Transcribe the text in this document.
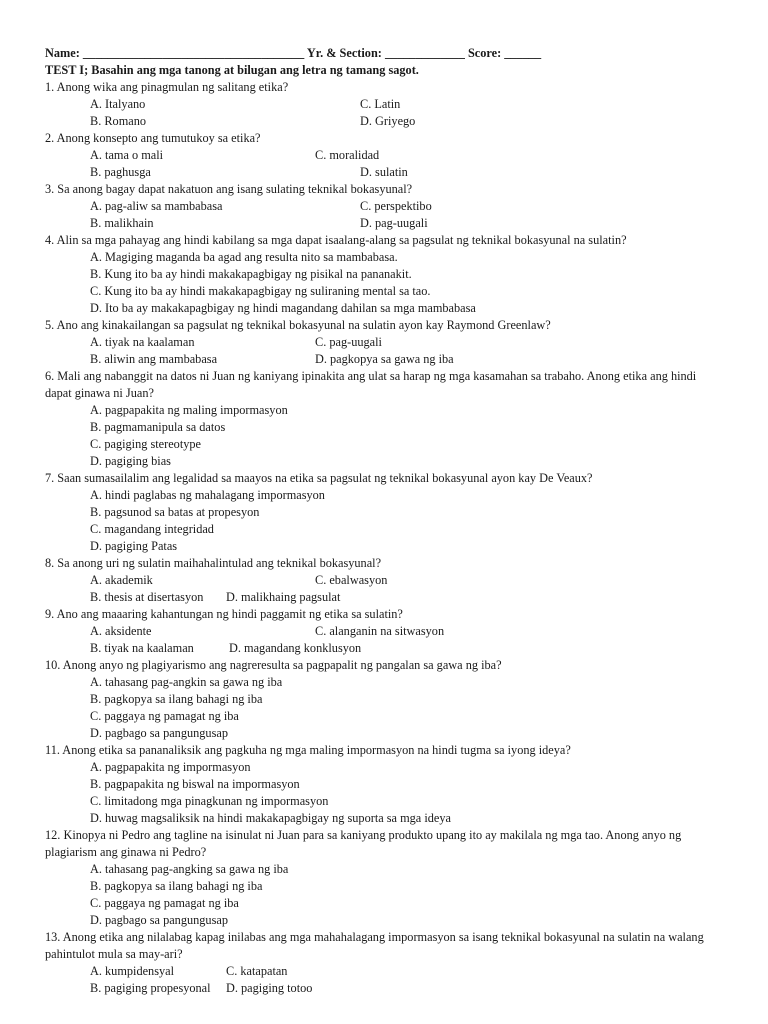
Name: ____________________________________ Yr. & Section: _____________ Score: ______
TEST I; Basahin ang mga tanong at bilugan ang letra ng tamang sagot.
1. Anong wika ang pinagmulan ng salitang etika?
A. Italyano	C. Latin
B. Romano	D. Griyego
2. Anong konsepto ang tumutukoy sa etika?
A. tama o mali	C. moralidad
B. paghusga	D. sulatin
3. Sa anong bagay dapat nakatuon ang isang sulating teknikal bokasyunal?
A. pag-aliw sa mambabasa	C. perspektibo
B. malikhain	D. pag-uugali
4. Alin sa mga pahayag ang hindi kabilang sa mga dapat isaalang-alang sa pagsulat ng teknikal bokasyunal na sulatin?
A. Magiging maganda ba agad ang resulta nito sa mambabasa.
B. Kung ito ba ay hindi makakapagbigay ng pisikal na pananakit.
C. Kung ito ba ay hindi makakapagbigay ng suliraning mental sa tao.
D. Ito ba ay makakapagbigay ng hindi magandang dahilan sa mga mambabasa
5. Ano ang kinakailangan sa pagsulat ng teknikal bokasyunal na sulatin ayon kay Raymond Greenlaw?
A. tiyak na kaalaman	C. pag-uugali
B. aliwin ang mambabasa	D. pagkopya sa gawa ng iba
6. Mali ang nabanggit na datos ni Juan ng kaniyang ipinakita ang ulat sa harap ng mga kasamahan sa trabaho. Anong etika ang hindi
dapat ginawa ni Juan?
A. pagpapakita ng maling impormasyon
B. pagmamanipula sa datos
C. pagiging stereotype
D. pagiging bias
7. Saan sumasailalim ang legalidad sa maayos na etika sa pagsulat ng teknikal bokasyunal ayon kay De Veaux?
A. hindi paglabas ng mahalagang impormasyon
B. pagsunod sa batas at propesyon
C. magandang integridad
D. pagiging Patas
8. Sa anong uri ng sulatin maihahalintulad ang teknikal bokasyunal?
A. akademik	C. ebalwasyon
B. thesis at disertasyon D. malikhaing pagsulat
9. Ano ang maaaring kahantungan ng hindi paggamit ng etika sa sulatin?
A. aksidente	C. alanganin na sitwasyon
B. tiyak na kaalaman	D. magandang konklusyon
10. Anong anyo ng plagiyarismo ang nagreresulta sa pagpapalit ng pangalan sa gawa ng iba?
A. tahasang pag-angkin sa gawa ng iba
B. pagkopya sa ilang bahagi ng iba
C. paggaya ng pamagat ng iba
D. pagbago sa pangungusap
11. Anong etika sa pananaliksik ang pagkuha ng mga maling impormasyon na hindi tugma sa iyong ideya?
A. pagpapakita ng impormasyon
B. pagpapakita ng biswal na impormasyon
C. limitadong mga pinagkunan ng impormasyon
D. huwag magsaliksik na hindi makakapagbigay ng suporta sa mga ideya
12. Kinopya ni Pedro ang tagline na isinulat ni Juan para sa kaniyang produkto upang ito ay makilala ng mga tao. Anong anyo ng
plagiarism ang ginawa ni Pedro?
A. tahasang pag-angking sa gawa ng iba
B. pagkopya sa ilang bahagi ng iba
C. paggaya ng pamagat ng iba
D. pagbago sa pangungusap
13. Anong etika ang nilalabag kapag inilabas ang mga mahahalagang impormasyon sa isang teknikal bokasyunal na sulatin na walang
pahintulot mula sa may-ari?
A. kumpidensyal	C. katapatan
B. pagiging propesyonal D. pagiging totoo
